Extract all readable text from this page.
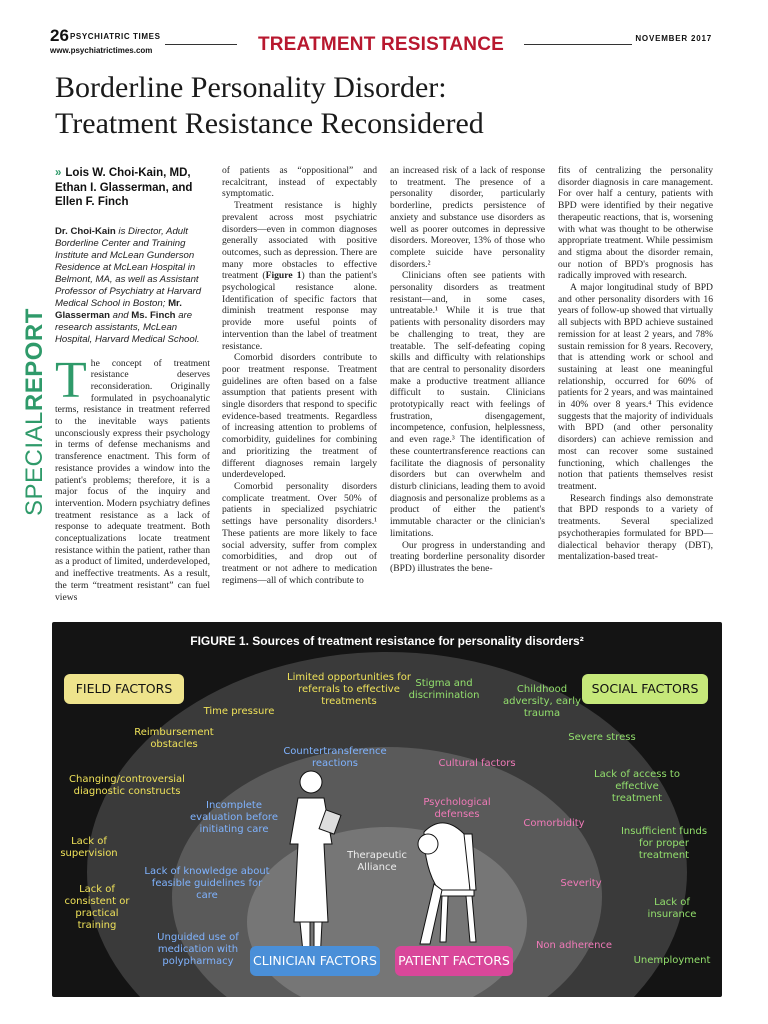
26 PSYCHIATRIC TIMES
www.psychiatrictimes.com	TREATMENT RESISTANCE	NOVEMBER 2017
Borderline Personality Disorder:
Treatment Resistance Reconsidered
SPECIALREPORT
» Lois W. Choi-Kain, MD,
Ethan I. Glasserman, and
Ellen F. Finch
Dr. Choi-Kain is Director, Adult Borderline Center and Training Institute and McLean Gunderson Residence at McLean Hospital in Belmont, MA, as well as Assistant Professor of Psychiatry at Harvard Medical School in Boston; Mr. Glasserman and Ms. Finch are research assistants, McLean Hospital, Harvard Medical School.

The concept of treatment resistance deserves reconsideration. Originally formulated in psychoanalytic terms, resistance in treatment referred to the inevitable ways patients unconsciously express their psychology in terms of defense mechanisms and transference enactment. This form of resistance provides a window into the patient's problems; therefore, it is a major focus of the inquiry and intervention. Modern psychiatry defines treatment resistance as a lack of response to adequate treatment. Both conceptualizations locate treatment resistance within the patient, rather than as a product of limited, underdeveloped, and ineffective treatments. As a result, the term “treatment resistant” can fuel views

of patients as “oppositional” and recalcitrant, instead of expectably symptomatic.

Treatment resistance is highly prevalent across most psychiatric disorders—even in common diagnoses generally associated with positive outcomes, such as depression. There are many more obstacles to effective treatment (Figure 1) than the patient's psychological resistance alone. Identification of specific factors that diminish treatment response may provide more useful points of intervention than the label of treatment resistance.

Comorbid disorders contribute to poor treatment response. Treatment guidelines are often based on a false assumption that patients present with single disorders that respond to specific evidence-based treatments. Regardless of increasing attention to problems of comorbidity, guidelines for combining and prioritizing the treatment of different diagnoses remain largely underdeveloped.

Comorbid personality disorders complicate treatment. Over 50% of patients in specialized psychiatric settings have personality disorders.¹ These patients are more likely to face social adversity, suffer from complex comorbidities, and drop out of treatment or not adhere to medication regimens—all of which contribute to

an increased risk of a lack of response to treatment. The presence of a personality disorder, particularly borderline, predicts persistence of anxiety and substance use disorders as well as poorer outcomes in depressive disorders. Moreover, 13% of those who complete suicide have personality disorders.²

Clinicians often see patients with personality disorders as treatment resistant—and, in some cases, untreatable.¹ While it is true that patients with personality disorders may be challenging to treat, they are treatable. The self-defeating coping skills and difficulty with relationships that are central to personality disorders make a productive treatment alliance difficult to sustain. Clinicians prototypically react with feelings of frustration, disengagement, incompetence, confusion, helplessness, and even rage.³ The identification of these countertransference reactions can facilitate the diagnosis of personality disorders but can overwhelm and disturb clinicians, leading them to avoid diagnosis and personalize problems as a product of either the patient's immutable character or the clinician's limitations.

Our progress in understanding and treating borderline personality disorder (BPD) illustrates the bene-

fits of centralizing the personality disorder diagnosis in care management. For over half a century, patients with BPD were identified by their negative therapeutic reactions, that is, worsening with what was thought to be otherwise appropriate treatment. While pessimism and stigma about the disorder remain, our notion of BPD's prognosis has radically improved with research.

A major longitudinal study of BPD and other personality disorders with 16 years of follow-up showed that virtually all subjects with BPD achieve sustained remission for at least 2 years, and 78% sustain remission for 8 years. Recovery, that is attending work or school and sustaining at least one meaningful relationship, occurred for 60% of patients for 2 years, and was maintained in 40% over 8 years.⁴ This evidence suggests that the majority of individuals with BPD (and other personality disorders) can achieve remission and most can recover some sustained functioning, which challenges the notion that patients themselves resist treatment.

Research findings also demonstrate that BPD responds to a variety of treatments. Several specialized psychotherapies formulated for BPD—dialectical behavior therapy (DBT), mentalization-based treat-

FIGURE 1. Sources of treatment resistance for personality disorders²
FIELD FACTORS	SOCIAL FACTORS
CLINICIAN FACTORS PATIENT FACTORS
Therapeutic Alliance
Time pressure
Limited opportunities for referrals to effective treatments
Stigma and discrimination
Childhood adversity, early trauma
Reimbursement obstacles
Severe stress
Changing/controversial diagnostic constructs
Lack of access to effective treatment
Lack of supervision
Insufficient funds for proper treatment
Lack of consistent or practical training
Lack of insurance
Unemployment
Countertransference reactions	Cultural factors
Incomplete evaluation before initiating care
Psychological defenses
Comorbidity
Lack of knowledge about feasible guidelines for care
Severity
Unguided use of medication with polypharmacy
Non adherence
